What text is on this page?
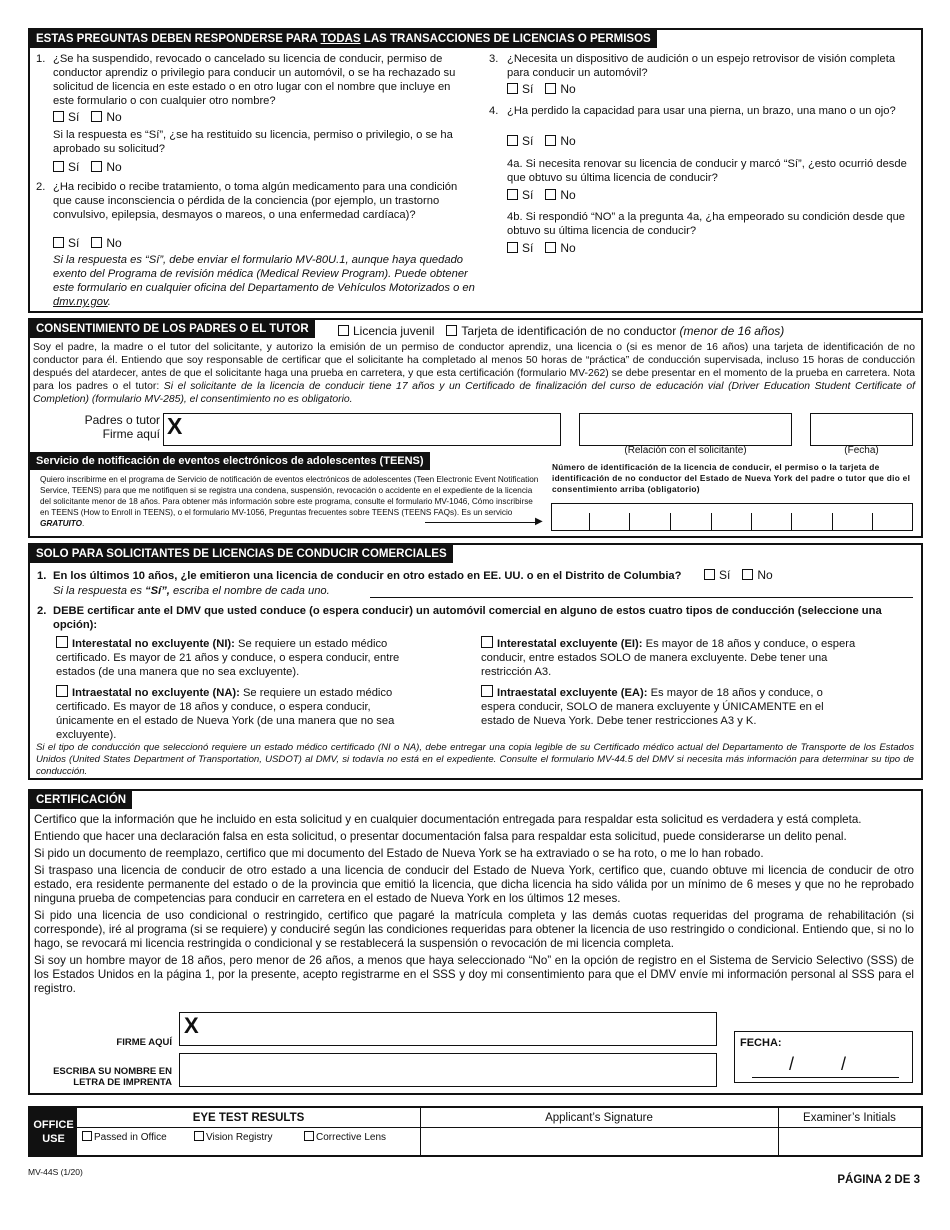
ESTAS PREGUNTAS DEBEN RESPONDERSE PARA TODAS LAS TRANSACCIONES DE LICENCIAS O PERMISOS
1. ¿Se ha suspendido, revocado o cancelado su licencia de conducir, permiso de conductor aprendiz o privilegio para conducir un automóvil, o se ha rechazado su solicitud de licencia en este estado o en otro lugar con el nombre que incluye en este formulario o con cualquier otro nombre?
Sí No
Si la respuesta es “Sí”, ¿se ha restituido su licencia, permiso o privilegio, o se ha aprobado su solicitud?
Sí No
2. ¿Ha recibido o recibe tratamiento, o toma algún medicamento para una condición que cause inconsciencia o pérdida de la conciencia (por ejemplo, un trastorno convulsivo, epilepsia, desmayos o mareos, o una enfermedad cardíaca)?
Sí No
Si la respuesta es “Sí”, debe enviar el formulario MV-80U.1, aunque haya quedado exento del Programa de revisión médica (Medical Review Program). Puede obtener este formulario en cualquier oficina del Departamento de Vehículos Motorizados o en dmv.ny.gov.
3. ¿Necesita un dispositivo de audición o un espejo retrovisor de visión completa para conducir un automóvil?
Sí No
4. ¿Ha perdido la capacidad para usar una pierna, un brazo, una mano o un ojo?
Sí No
4a. Si necesita renovar su licencia de conducir y marcó “Sí”, ¿esto ocurrió desde que obtuvo su última licencia de conducir?
Sí No
4b. Si respondió “NO” a la pregunta 4a, ¿ha empeorado su condición desde que obtuvo su última licencia de conducir?
Sí No
CONSENTIMIENTO DE LOS PADRES O EL TUTOR	Licencia juvenil Tarjeta de identificación de no conductor (menor de 16 años)
Soy el padre, la madre o el tutor del solicitante, y autorizo la emisión de un permiso de conductor aprendiz, una licencia o (si es menor de 16 años) una tarjeta de identificación de no conductor para él. Entiendo que soy responsable de certificar que el solicitante ha completado al menos 50 horas de “práctica” de conducción supervisada, incluso 15 horas de conducción después del atardecer, antes de que el solicitante haga una prueba en carretera, y que esta certificación (formulario MV-262) se debe presentar en el momento de la prueba en carretera. Nota para los padres o el tutor: Si el solicitante de la licencia de conducir tiene 17 años y un Certificado de finalización del curso de educación vial (Driver Education Student Certificate of Completion) (formulario MV-285), el consentimiento no es obligatorio.
Padres o tutor
Firme aquí X
(Relación con el solicitante)	(Fecha)
Servicio de notificación de eventos electrónicos de adolescentes (TEENS)
Quiero inscribirme en el programa de Servicio de notificación de eventos electrónicos de adolescentes (Teen Electronic Event Notification Service, TEENS) para que me notifiquen si se registra una condena, suspensión, revocación o accidente en el expediente de la licencia del solicitante menor de 18 años. Para obtener más información sobre este programa, consulte el formulario MV-1046, Cómo inscribirse en TEENS (How to Enroll in TEENS), o el formulario MV-1056, Preguntas frecuentes sobre TEENS (TEENS FAQs). Es un servicio GRATUITO.	▶
Número de identificación de la licencia de conducir, el permiso o la tarjeta de identificación de no conductor del Estado de Nueva York del padre o tutor que dio el consentimiento arriba (obligatorio)
SOLO PARA SOLICITANTES DE LICENCIAS DE CONDUCIR COMERCIALES
1. En los últimos 10 años, ¿le emitieron una licencia de conducir en otro estado en EE. UU. o en el Distrito de Columbia?	Sí No
Si la respuesta es “Sí”, escriba el nombre de cada uno.
2. DEBE certificar ante el DMV que usted conduce (o espera conducir) un automóvil comercial en alguno de estos cuatro tipos de conducción (seleccione una opción):
Interestatal no excluyente (NI): Se requiere un estado médico certificado. Es mayor de 21 años y conduce, o espera conducir, entre estados (de una manera que no sea excluyente).
Interestatal excluyente (EI): Es mayor de 18 años y conduce, o espera conducir, entre estados SOLO de manera excluyente. Debe tener una restricción A3.
Intraestatal no excluyente (NA): Se requiere un estado médico certificado. Es mayor de 18 años y conduce, o espera conducir, únicamente en el estado de Nueva York (de una manera que no sea excluyente).
Intraestatal excluyente (EA): Es mayor de 18 años y conduce, o espera conducir, SOLO de manera excluyente y ÚNICAMENTE en el estado de Nueva York. Debe tener restricciones A3 y K.
Si el tipo de conducción que seleccionó requiere un estado médico certificado (NI o NA), debe entregar una copia legible de su Certificado médico actual del Departamento de Transporte de los Estados Unidos (United States Department of Transportation, USDOT) al DMV, si todavía no está en el expediente. Consulte el formulario MV-44.5 del DMV si necesita más información para determinar su tipo de conducción.
CERTIFICACIÓN

Certifico que la información que he incluido en esta solicitud y en cualquier documentación entregada para respaldar esta solicitud es verdadera y está completa.

Entiendo que hacer una declaración falsa en esta solicitud, o presentar documentación falsa para respaldar esta solicitud, puede considerarse un delito penal.

Si pido un documento de reemplazo, certifico que mi documento del Estado de Nueva York se ha extraviado o se ha roto, o me lo han robado.

Si traspaso una licencia de conducir de otro estado a una licencia de conducir del Estado de Nueva York, certifico que, cuando obtuve mi licencia de conducir de otro estado, era residente permanente del estado o de la provincia que emitió la licencia, que dicha licencia ha sido válida por un mínimo de 6 meses y que no he reprobado ninguna prueba de competencias para conducir en carretera en el estado de Nueva York en los últimos 12 meses.

Si pido una licencia de uso condicional o restringido, certifico que pagaré la matrícula completa y las demás cuotas requeridas del programa de rehabilitación (si corresponde), iré al programa (si se requiere) y conduciré según las condiciones requeridas para obtener la licencia de uso restringido o condicional. Entiendo que, si no lo hago, se revocará mi licencia restringida o condicional y se restablecerá la suspensión o revocación de mi licencia completa.

Si soy un hombre mayor de 18 años, pero menor de 26 años, a menos que haya seleccionado “No” en la opción de registro en el Sistema de Servicio Selectivo (SSS) de los Estados Unidos en la página 1, por la presente, acepto registrarme en el SSS y doy mi consentimiento para que el DMV envíe mi información personal al SSS para el registro.

FIRME AQUÍ
X
ESCRIBA SU NOMBRE EN
LETRA DE IMPRENTA
FECHA:
/	/
OFFICE
USE
EYE TEST RESULTS	Applicant’s Signature	Examiner’s Initials
Passed in Office	Vision Registry	Corrective Lens
MV-44S (1/20)
PÁGINA 2 DE 3
